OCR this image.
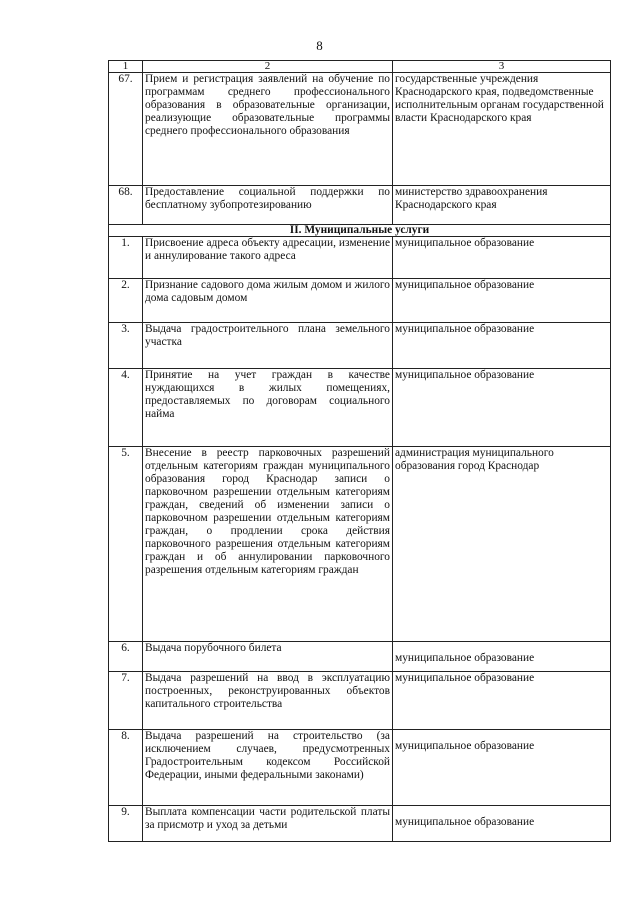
8
1	2	3
67.	Прием и регистрация заявлений на обучение по программам среднего профессионального образования в образовательные организации, реализующие образовательные программы среднего профессионального образования	государственные учреждения Краснодарского края, подведомственные исполнительным органам государственной власти Краснодарского края
68.	Предоставление социальной поддержки по бесплатному зубопротезированию	министерство здравоохранения Краснодарского края
II. Муниципальные услуги		
1.	Присвоение адреса объекту адресации, изменение и аннулирование такого адреса	муниципальное образование
2.	Признание садового дома жилым домом и жилого дома садовым домом	муниципальное образование
3.	Выдача градостроительного плана земельного участка	муниципальное образование
4.	Принятие на учет граждан в качестве нуждающихся в жилых помещениях, предоставляемых по договорам социального найма	муниципальное образование
5.	Внесение в реестр парковочных разрешений отдельным категориям граждан муниципального образования город Краснодар записи о парковочном разрешении отдельным категориям граждан, сведений об изменении записи о парковочном разрешении отдельным категориям граждан, о продлении срока действия парковочного разрешения отдельным категориям граждан и об аннулировании парковочного разрешения отдельным категориям граждан	администрация муниципального образования город Краснодар
6.	Выдача порубочного билета	муниципальное образование
7.	Выдача разрешений на ввод в эксплуатацию построенных, реконструированных объектов капитального строительства	муниципальное образование
8.	Выдача разрешений на строительство (за исключением случаев, предусмотренных Градостроительным кодексом Российской Федерации, иными федеральными законами)	муниципальное образование
9.	Выплата компенсации части родительской платы за присмотр и уход за детьми	муниципальное образование
